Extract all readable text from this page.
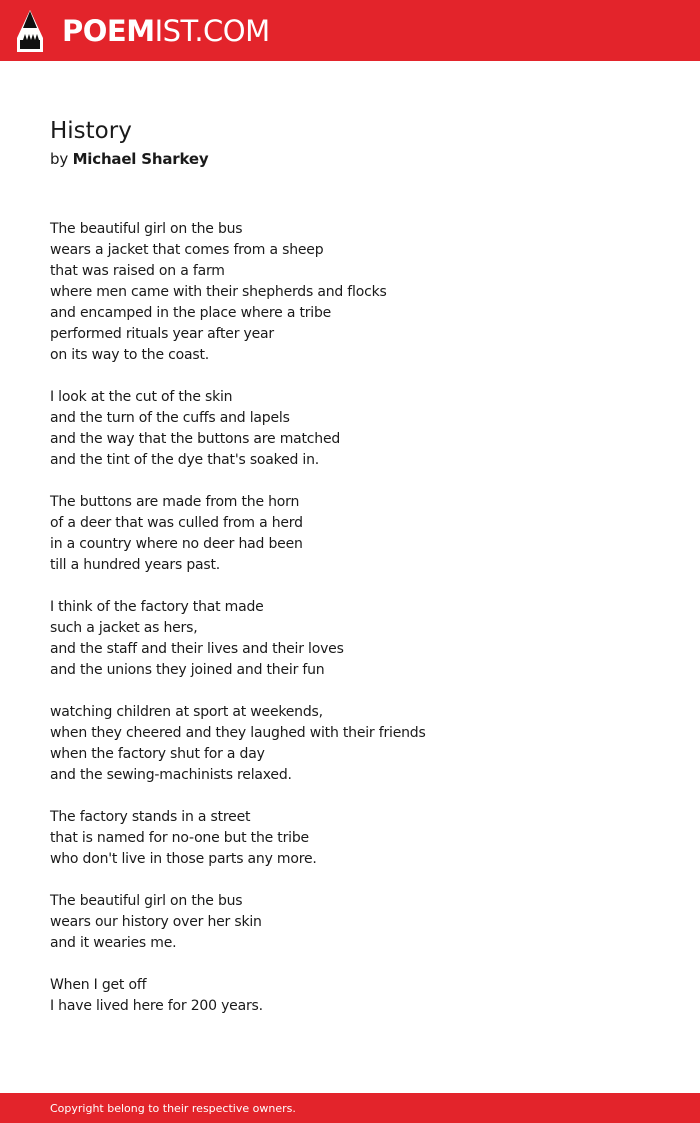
POEMIST.COM
History
by Michael Sharkey
The beautiful girl on the bus
wears a jacket that comes from a sheep
that was raised on a farm
where men came with their shepherds and flocks
and encamped in the place where a tribe
performed rituals year after year
on its way to the coast.
I look at the cut of the skin
and the turn of the cuffs and lapels
and the way that the buttons are matched
and the tint of the dye that's soaked in.
The buttons are made from the horn
of a deer that was culled from a herd
in a country where no deer had been
till a hundred years past.
I think of the factory that made
such a jacket as hers,
and the staff and their lives and their loves
and the unions they joined and their fun
watching children at sport at weekends,
when they cheered and they laughed with their friends
when the factory shut for a day
and the sewing-machinists relaxed.
The factory stands in a street
that is named for no-one but the tribe
who don't live in those parts any more.
The beautiful girl on the bus
wears our history over her skin
and it wearies me.
When I get off
I have lived here for 200 years.
Copyright belong to their respective owners.
